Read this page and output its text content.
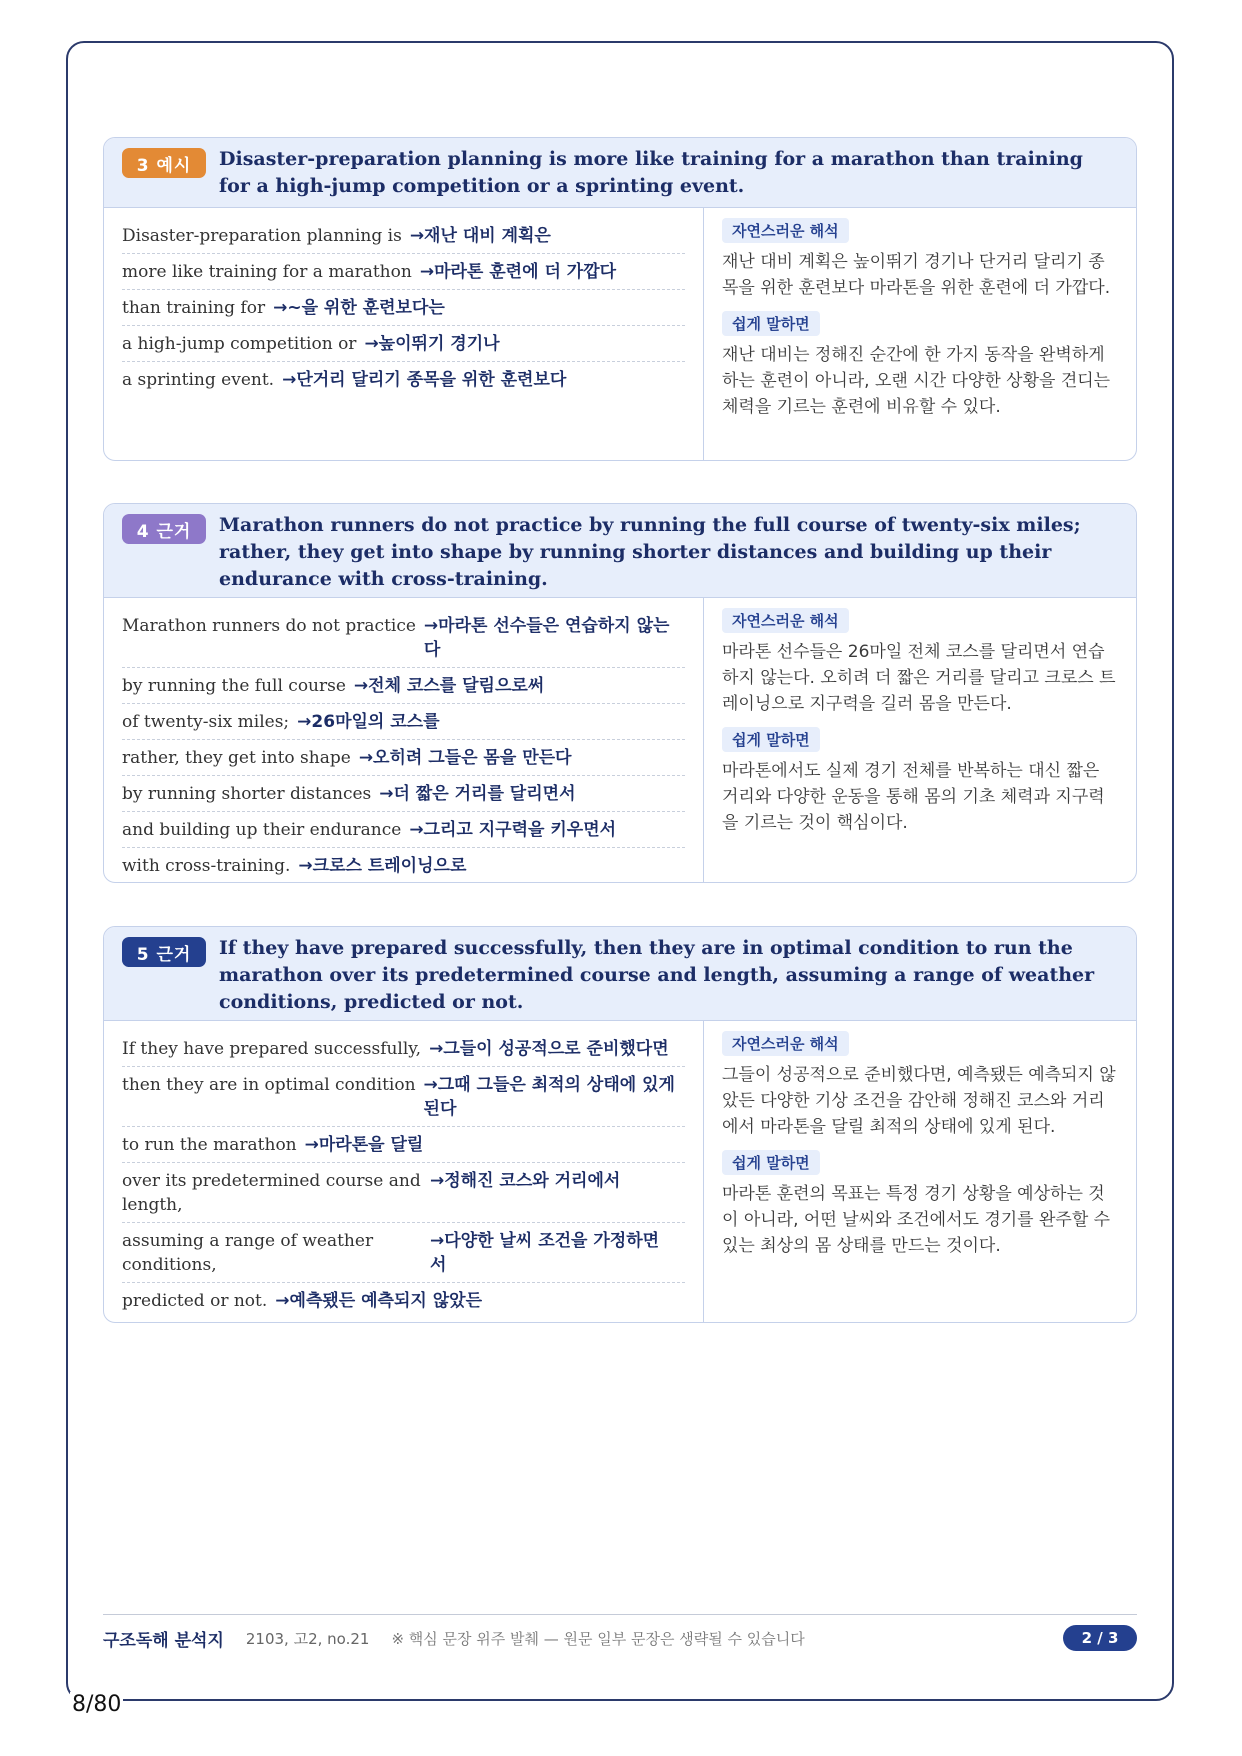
3 예시	Disaster-preparation planning is more like training for a marathon than training for a high-jump competition or a sprinting event.
Disaster-preparation planning is →재난 대비 계획은
more like training for a marathon →마라톤 훈련에 더 가깝다
than training for →~을 위한 훈련보다는
a high-jump competition or →높이뛰기 경기나
a sprinting event. →단거리 달리기 종목을 위한 훈련보다
자연스러운 해석
재난 대비 계획은 높이뛰기 경기나 단거리 달리기 종목을 위한 훈련보다 마라톤을 위한 훈련에 더 가깝다.
쉽게 말하면
재난 대비는 정해진 순간에 한 가지 동작을 완벽하게 하는 훈련이 아니라, 오랜 시간 다양한 상황을 견디는 체력을 기르는 훈련에 비유할 수 있다.
4 근거	Marathon runners do not practice by running the full course of twenty-six miles; rather, they get into shape by running shorter distances and building up their endurance with cross-training.
Marathon runners do not practice →마라톤 선수들은 연습하지 않는다
by running the full course →전체 코스를 달림으로써
of twenty-six miles; →26마일의 코스를
rather, they get into shape →오히려 그들은 몸을 만든다
by running shorter distances →더 짧은 거리를 달리면서
and building up their endurance →그리고 지구력을 키우면서
with cross-training. →크로스 트레이닝으로
자연스러운 해석
마라톤 선수들은 26마일 전체 코스를 달리면서 연습하지 않는다. 오히려 더 짧은 거리를 달리고 크로스 트레이닝으로 지구력을 길러 몸을 만든다.
쉽게 말하면
마라톤에서도 실제 경기 전체를 반복하는 대신 짧은 거리와 다양한 운동을 통해 몸의 기초 체력과 지구력을 기르는 것이 핵심이다.
5 근거	If they have prepared successfully, then they are in optimal condition to run the marathon over its predetermined course and length, assuming a range of weather conditions, predicted or not.
If they have prepared successfully, →그들이 성공적으로 준비했다면
then they are in optimal condition →그때 그들은 최적의 상태에 있게 된다
to run the marathon →마라톤을 달릴
over its predetermined course and length,
→정해진 코스와 거리에서
assuming a range of weather conditions,
→다양한 날씨 조건을 가정하면서
predicted or not. →예측됐든 예측되지 않았든
자연스러운 해석
그들이 성공적으로 준비했다면, 예측됐든 예측되지 않았든 다양한 기상 조건을 감안해 정해진 코스와 거리에서 마라톤을 달릴 최적의 상태에 있게 된다.
쉽게 말하면
마라톤 훈련의 목표는 특정 경기 상황을 예상하는 것이 아니라, 어떤 날씨와 조건에서도 경기를 완주할 수 있는 최상의 몸 상태를 만드는 것이다.
구조독해 분석지 2103, 고2, no.21 ※ 핵심 문장 위주 발췌 — 원문 일부 문장은 생략될 수 있습니다	2 / 3
8/80
